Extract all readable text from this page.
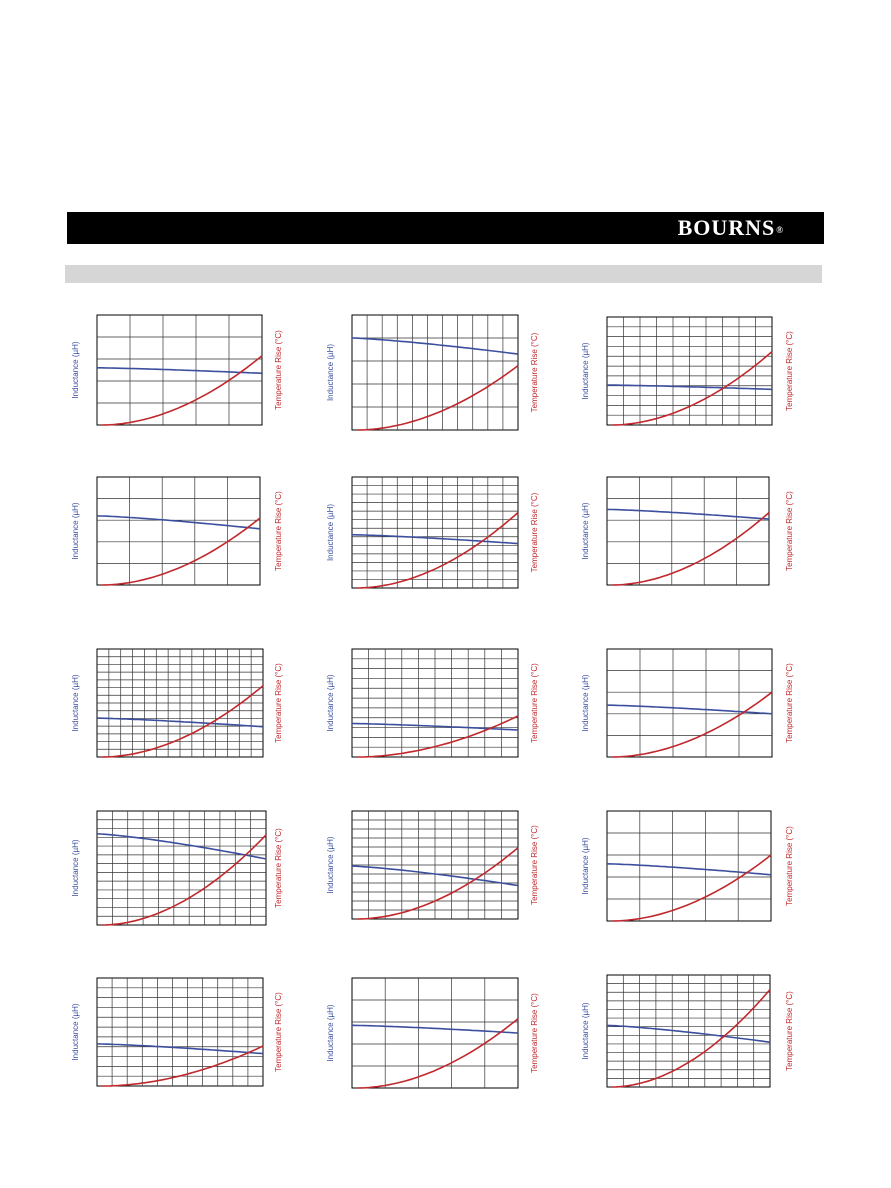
BOURNS®
Inductance (µH)	Temperature Rise (°C)	Inductance (µH)	Temperature Rise (°C)	Inductance (µH)	Temperature Rise (°C)
Inductance (µH)	Temperature Rise (°C)	Inductance (µH)	Temperature Rise (°C)	Inductance (µH)	Temperature Rise (°C)
Inductance (µH)	Temperature Rise (°C)	Inductance (µH)	Temperature Rise (°C)	Inductance (µH)	Temperature Rise (°C)
Inductance (µH)	Temperature Rise (°C)	Inductance (µH)	Temperature Rise (°C)	Inductance (µH)	Temperature Rise (°C)
Inductance (µH)	Temperature Rise (°C)	Inductance (µH)	Temperature Rise (°C)	Inductance (µH)	Temperature Rise (°C)
